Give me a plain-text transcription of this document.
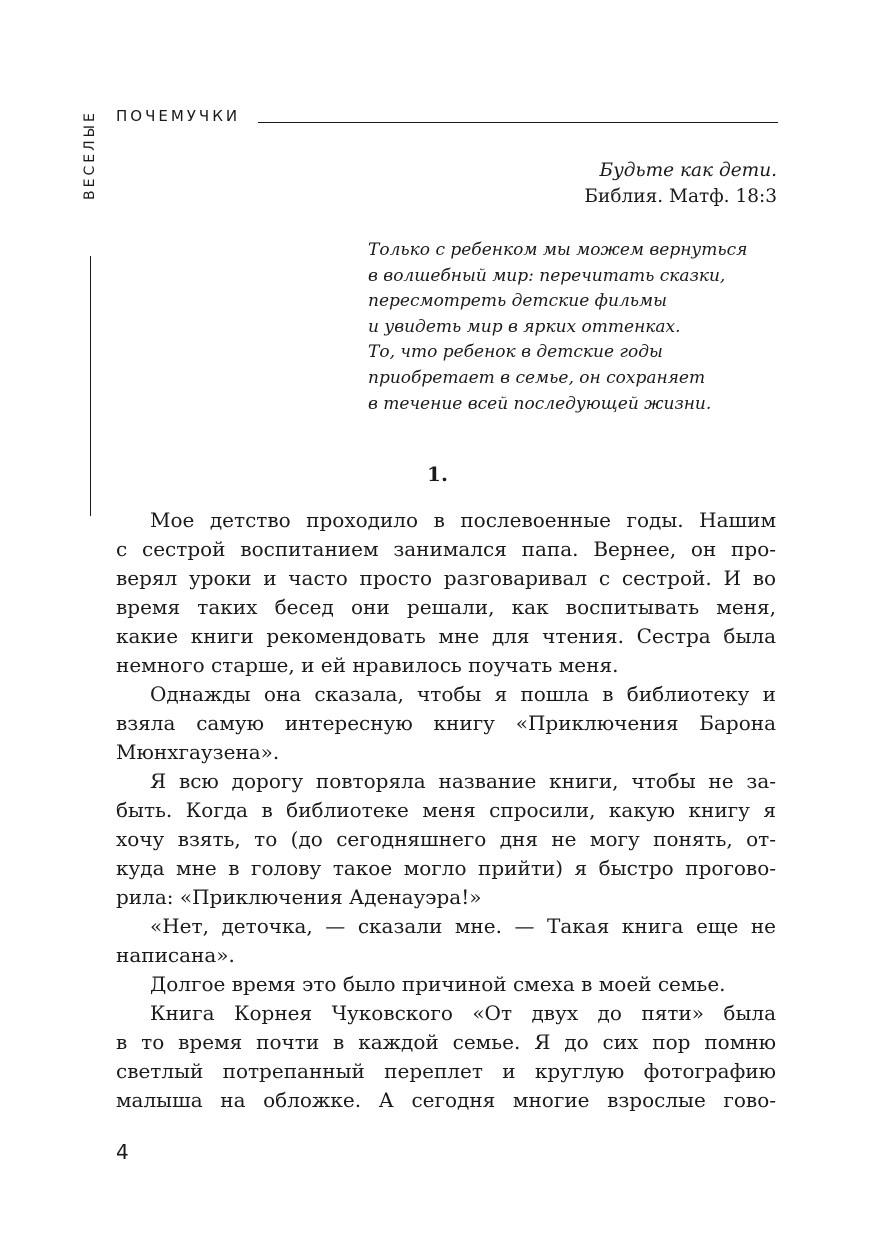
ПОЧЕМУЧКИ
ВЕСЕЛЫЕ	Будьте как дети.
Библия. Матф. 18:3
Только с ребенком мы можем вернуться
в волшебный мир: перечитать сказки,
пересмотреть детские фильмы
и увидеть мир в ярких оттенках.
То, что ребенок в детские годы
приобретает в семье, он сохраняет
в течение всей последующей жизни.
1.
Мое детство проходило в послевоенные годы. Нашим
с сестрой воспитанием занимался папа. Вернее, он про-
верял уроки и часто просто разговаривал с сестрой. И во
время таких бесед они решали, как воспитывать меня,
какие книги рекомендовать мне для чтения. Сестра была
немного старше, и ей нравилось поучать меня.
Однажды она сказала, чтобы я пошла в библиотеку и
взяла самую интересную книгу «Приключения Барона
Мюнхгаузена».
Я всю дорогу повторяла название книги, чтобы не за-
быть. Когда в библиотеке меня спросили, какую книгу я
хочу взять, то (до сегодняшнего дня не могу понять, от-
куда мне в голову такое могло прийти) я быстро прогово-
рила: «Приключения Аденауэра!»
«Нет, деточка, — сказали мне. — Такая книга еще не
написана».
Долгое время это было причиной смеха в моей семье.
Книга Корнея Чуковского «От двух до пяти» была
в то время почти в каждой семье. Я до сих пор помню
светлый потрепанный переплет и круглую фотографию
малыша на обложке. А сегодня многие взрослые гово-
4
